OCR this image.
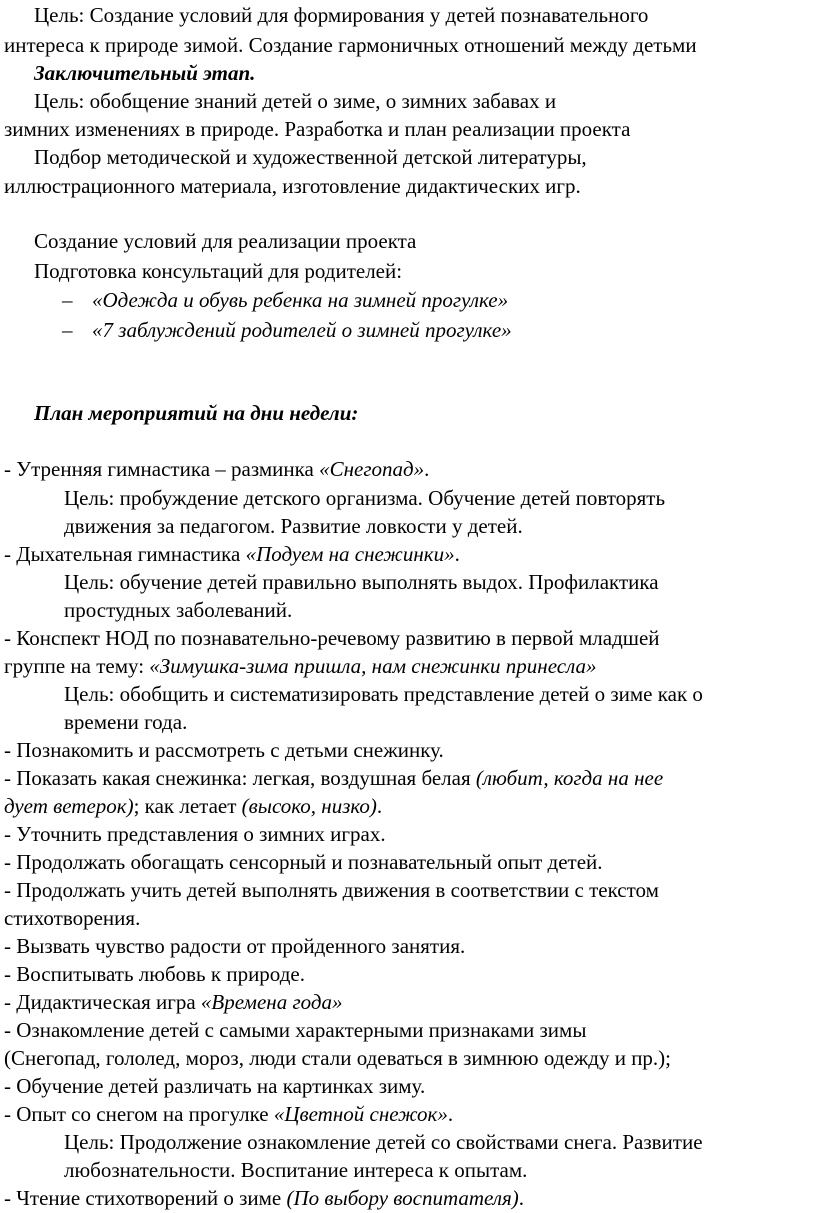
Цель: Создание условий для формирования у детей познавательного
интереса к природе зимой. Создание гармоничных отношений между детьми
Заключительный этап.
Цель: обобщение знаний детей о зиме, о зимних забавах и
зимних изменениях в природе. Разработка и план реализации проекта
Подбор методической и художественной детской литературы,
иллюстрационного материала, изготовление дидактических игр.
Создание условий для реализации проекта
Подготовка консультаций для родителей:
– «Одежда и обувь ребенка на зимней прогулке»
– «7 заблуждений родителей о зимней прогулке»
План мероприятий на дни недели:
- Утренняя гимнастика – разминка «Снегопад».
Цель: пробуждение детского организма. Обучение детей повторять
движения за педагогом. Развитие ловкости у детей.
- Дыхательная гимнастика «Подуем на снежинки».
Цель: обучение детей правильно выполнять выдох. Профилактика
простудных заболеваний.
- Конспект НОД по познавательно-речевому развитию в первой младшей
группе на тему: «Зимушка-зима пришла, нам снежинки принесла»
Цель: обобщить и систематизировать представление детей о зиме как о
времени года.
- Познакомить и рассмотреть с детьми снежинку.
- Показать какая снежинка: легкая, воздушная белая (любит, когда на нее
дует ветерок); как летает (высоко, низко).
- Уточнить представления о зимних играх.
- Продолжать обогащать сенсорный и познавательный опыт детей.
- Продолжать учить детей выполнять движения в соответствии с текстом
стихотворения.
- Вызвать чувство радости от пройденного занятия.
- Воспитывать любовь к природе.
- Дидактическая игра «Времена года»
- Ознакомление детей с самыми характерными признаками зимы
(Снегопад, гололед, мороз, люди стали одеваться в зимнюю одежду и пр.);
- Обучение детей различать на картинках зиму.
- Опыт со снегом на прогулке «Цветной снежок».
Цель: Продолжение ознакомление детей со свойствами снега. Развитие
любознательности. Воспитание интереса к опытам.
- Чтение стихотворений о зиме (По выбору воспитателя).
